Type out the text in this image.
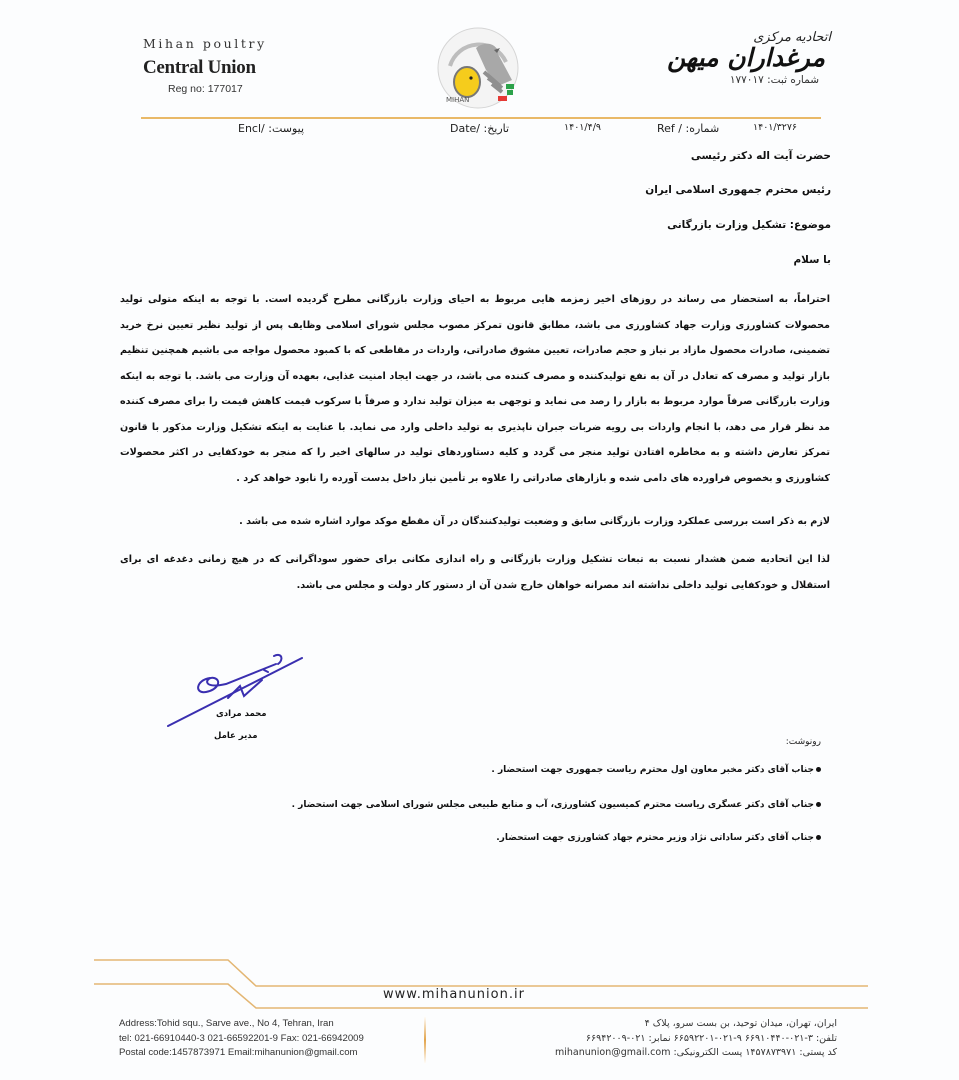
Mihan poultry
Central Union
Reg no: 177017
MIHAN
اتحادیه مرکزی
مرغداران میهن
شماره ثبت: ۱۷۷۰۱۷
Encl/ :پیوست	Date/ :تاریخ	۱۴۰۱/۴/۹	Ref / :شماره	۱۴۰۱/۳۲۷۶
حضرت آیت اله دکتر رئیسی
رئیس محترم جمهوری اسلامی ایران
موضوع: تشکیل وزارت بازرگانی
با سلام
احتراماً، به استحضار می رساند در روزهای اخیر زمزمه هایی مربوط به احیای وزارت بازرگانی مطرح گردیده است. با توجه به اینکه متولی تولید محصولات کشاورزی وزارت جهاد کشاورزی می باشد، مطابق قانون تمرکز مصوب مجلس شورای اسلامی وظایف پس از تولید نظیر تعیین نرخ خرید تضمینی، صادرات محصول مازاد بر نیاز و حجم صادرات، تعیین مشوق صادراتی، واردات در مقاطعی که با کمبود محصول مواجه می باشیم همچنین تنظیم بازار تولید و مصرف که تعادل در آن به نفع تولیدکننده و مصرف کننده می باشد، در جهت ایجاد امنیت غذایی، بعهده آن وزارت می باشد. با توجه به اینکه وزارت بازرگانی صرفاً موارد مربوط به بازار را رصد می نماید و توجهی به میزان تولید ندارد و صرفاً با سرکوب قیمت کاهش قیمت را برای مصرف کننده مد نظر قرار می دهد، با انجام واردات بی رویه ضربات جبران ناپذیری به تولید داخلی وارد می نماید. با عنایت به اینکه تشکیل وزارت مذکور با قانون تمرکز تعارض داشته و به مخاطره افتادن تولید منجر می گردد و کلیه دستاوردهای تولید در سالهای اخیر را که منجر به خودکفایی در اکثر محصولات کشاورزی و بخصوص فراورده های دامی شده و بازارهای صادراتی را علاوه بر تأمین نیاز داخل بدست آورده را نابود خواهد کرد .
لازم به ذکر است بررسی عملکرد وزارت بازرگانی سابق و وضعیت تولیدکنندگان در آن مقطع موکد موارد اشاره شده می باشد .
لذا این اتحادیه ضمن هشدار نسبت به تبعات تشکیل وزارت بازرگانی و راه اندازی مکانی برای حضور سوداگرانی که در هیچ زمانی دغدغه ای برای استقلال و خودکفایی تولید داخلی نداشته اند مصرانه خواهان خارج شدن آن از دستور کار دولت و مجلس می باشد.
محمد مرادی
مدیر عامل
رونوشت:
جناب آقای دکتر مخبر معاون اول محترم ریاست جمهوری جهت استحضار .
جناب آقای دکتر عسگری ریاست محترم کمیسیون کشاورزی، آب و منابع طبیعی مجلس شورای اسلامی جهت استحضار .
جناب آقای دکتر ساداتی نژاد وزیر محترم جهاد کشاورزی جهت استحضار.
www.mihanunion.ir
Address:Tohid squ., Sarve ave., No 4, Tehran, Iran
tel: 021-66910440-3 021-66592201-9 Fax: 021-66942009
Postal code:1457873971 Email:mihanunion@gmail.com
ایران، تهران، میدان توحید، بن بست سرو، پلاک ۴
تلفن: ۳-۰۲۱-۶۶۹۱۰۴۴۰ ۹-۰۲۱-۶۶۵۹۲۲۰۱ نمابر: ۰۲۱-۶۶۹۴۲۰۰۹
کد پستی: ۱۴۵۷۸۷۳۹۷۱ پست الکترونیکی: mihanunion@gmail.com
